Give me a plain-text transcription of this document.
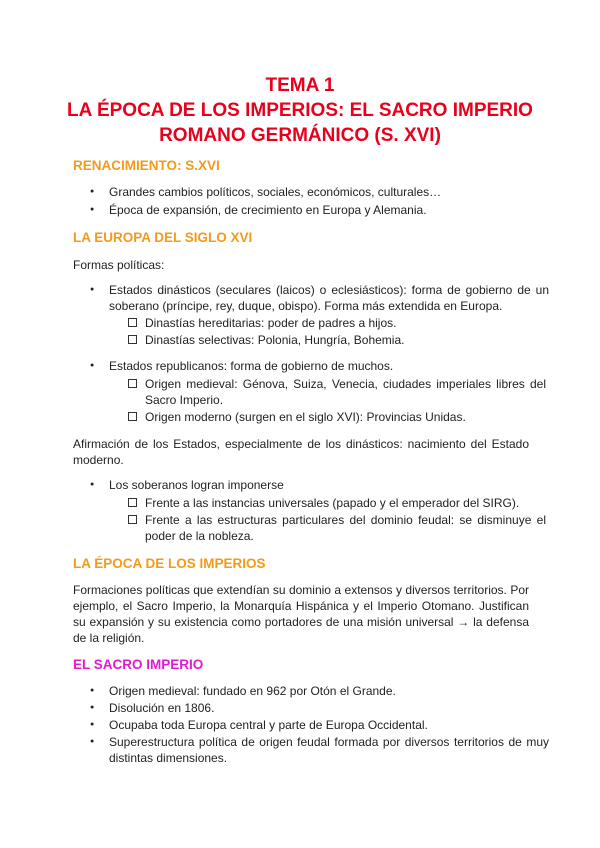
TEMA 1

LA ÉPOCA DE LOS IMPERIOS: EL SACRO IMPERIO

ROMANO GERMÁNICO (S. XVI)

RENACIMIENTO: S.XVI

● Grandes cambios políticos, sociales, económicos, culturales…

● Época de expansión, de crecimiento en Europa y Alemania.

LA EUROPA DEL SIGLO XVI

Formas políticas:

● Estados dinásticos (seculares (laicos) o eclesiásticos): forma de gobierno de un soberano (príncipe, rey, duque, obispo). Forma más extendida en Europa.

Dinastías hereditarias: poder de padres a hijos.

Dinastías selectivas: Polonia, Hungría, Bohemia.

● Estados republicanos: forma de gobierno de muchos.

Origen medieval: Génova, Suiza, Venecia, ciudades imperiales libres del Sacro Imperio.

Origen moderno (surgen en el siglo XVI): Provincias Unidas.

Afirmación de los Estados, especialmente de los dinásticos: nacimiento del Estado moderno.

● Los soberanos logran imponerse

Frente a las instancias universales (papado y el emperador del SIRG).

Frente a las estructuras particulares del dominio feudal: se disminuye el poder de la nobleza.

LA ÉPOCA DE LOS IMPERIOS

Formaciones políticas que extendían su dominio a extensos y diversos territorios. Por ejemplo, el Sacro Imperio, la Monarquía Hispánica y el Imperio Otomano. Justifican su expansión y su existencia como portadores de una misión universal → la defensa de la religión.

EL SACRO IMPERIO

● Origen medieval: fundado en 962 por Otón el Grande.

● Disolución en 1806.

● Ocupaba toda Europa central y parte de Europa Occidental.

● Superestructura política de origen feudal formada por diversos territorios de muy distintas dimensiones.
